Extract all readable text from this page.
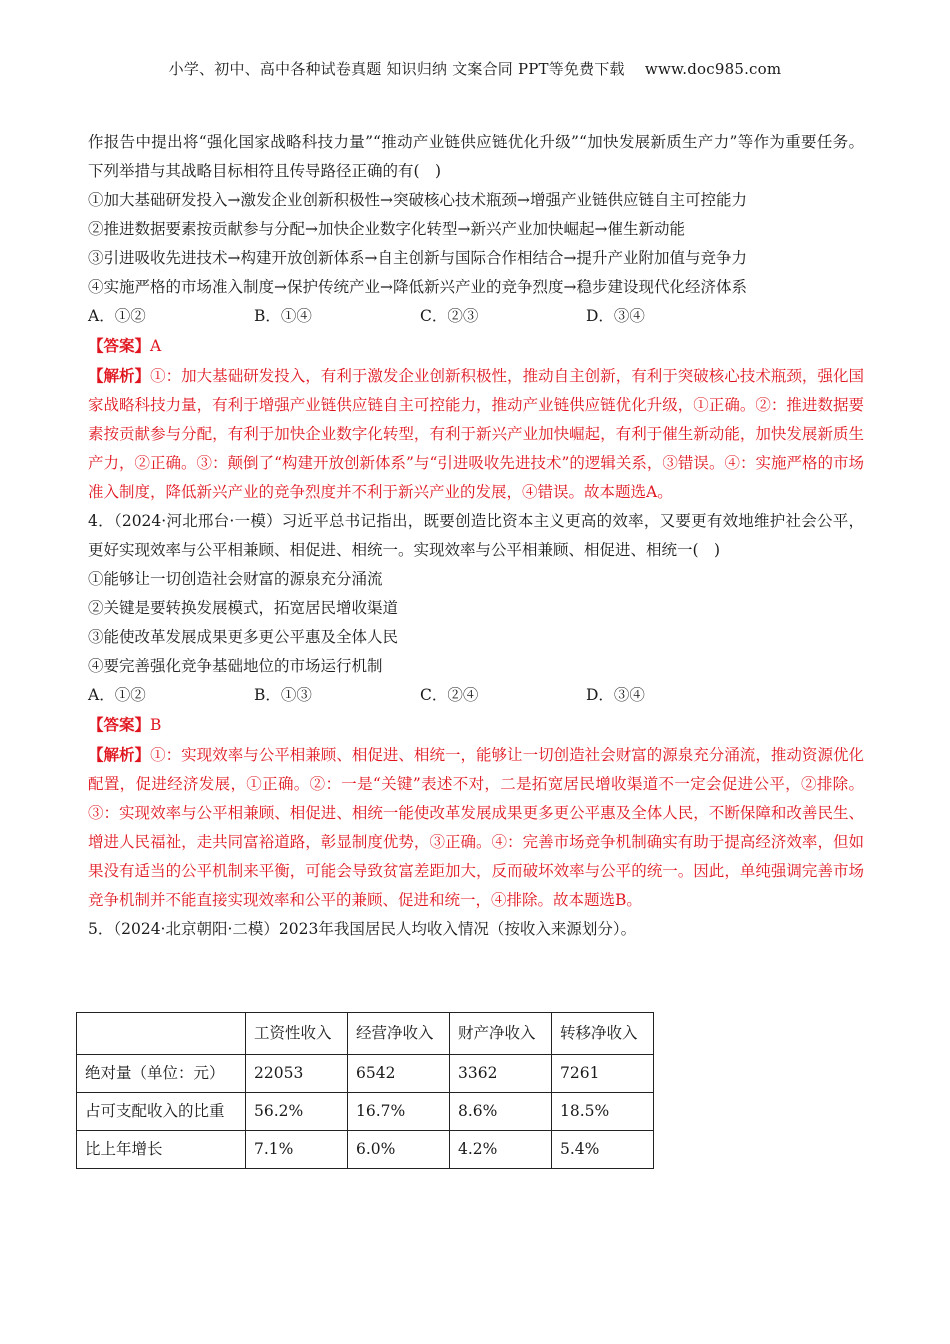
小学、初中、高中各种试卷真题 知识归纳 文案合同 PPT等免费下载　 www.doc985.com

作报告中提出将“强化国家战略科技力量”“推动产业链供应链优化升级”“加快发展新质生产力”等作为重要任务。下列举措与其战略目标相符且传导路径正确的有(　)

①加大基础研发投入→激发企业创新积极性→突破核心技术瓶颈→增强产业链供应链自主可控能力

②推进数据要素按贡献参与分配→加快企业数字化转型→新兴产业加快崛起→催生新动能

③引进吸收先进技术→构建开放创新体系→自主创新与国际合作相结合→提升产业附加值与竞争力

④实施严格的市场准入制度→保护传统产业→降低新兴产业的竞争烈度→稳步建设现代化经济体系

A．①②	B．①④	C．②③	D．③④

【答案】A

【解析】①：加大基础研发投入，有利于激发企业创新积极性，推动自主创新，有利于突破核心技术瓶颈，强化国家战略科技力量，有利于增强产业链供应链自主可控能力，推动产业链供应链优化升级，①正确。②：推进数据要素按贡献参与分配，有利于加快企业数字化转型，有利于新兴产业加快崛起，有利于催生新动能，加快发展新质生产力，②正确。③：颠倒了“构建开放创新体系”与“引进吸收先进技术”的逻辑关系，③错误。④：实施严格的市场准入制度，降低新兴产业的竞争烈度并不利于新兴产业的发展，④错误。故本题选A。

4．（2024·河北邢台·一模）习近平总书记指出，既要创造比资本主义更高的效率，又要更有效地维护社会公平，更好实现效率与公平相兼顾、相促进、相统一。实现效率与公平相兼顾、相促进、相统一(　)

①能够让一切创造社会财富的源泉充分涌流

②关键是要转换发展模式，拓宽居民增收渠道

③能使改革发展成果更多更公平惠及全体人民

④要完善强化竞争基础地位的市场运行机制

A．①②	B．①③	C．②④	D．③④

【答案】B

【解析】①：实现效率与公平相兼顾、相促进、相统一，能够让一切创造社会财富的源泉充分涌流，推动资源优化配置，促进经济发展，①正确。②：一是“关键”表述不对，二是拓宽居民增收渠道不一定会促进公平，②排除。③：实现效率与公平相兼顾、相促进、相统一能使改革发展成果更多更公平惠及全体人民，不断保障和改善民生、增进人民福祉，走共同富裕道路，彰显制度优势，③正确。④：完善市场竞争机制确实有助于提高经济效率，但如果没有适当的公平机制来平衡，可能会导致贫富差距加大，反而破坏效率与公平的统一。因此，单纯强调完善市场竞争机制并不能直接实现效率和公平的兼顾、促进和统一，④排除。故本题选B。

5．（2024·北京朝阳·二模）2023年我国居民人均收入情况（按收入来源划分）。

	工资性收入	经营净收入	财产净收入	转移净收入
绝对量（单位：元）	22053	6542	3362	7261
占可支配收入的比重	56.2%	16.7%	8.6%	18.5%
比上年增长	7.1%	6.0%	4.2%	5.4%
